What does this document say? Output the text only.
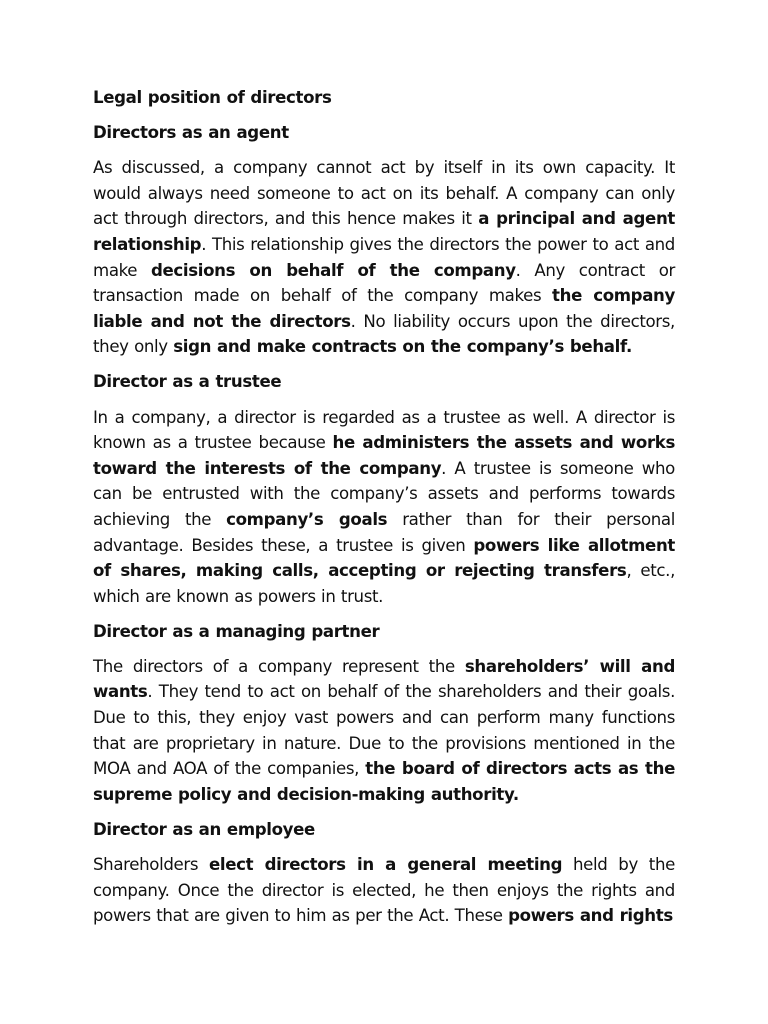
Legal position of directors
Directors as an agent
As discussed, a company cannot act by itself in its own capacity. It would always need someone to act on its behalf. A company can only act through directors, and this hence makes it a principal and agent relationship. This relationship gives the directors the power to act and make decisions on behalf of the company. Any contract or transaction made on behalf of the company makes the company liable and not the directors. No liability occurs upon the directors, they only sign and make contracts on the company’s behalf.
Director as a trustee
In a company, a director is regarded as a trustee as well. A director is known as a trustee because he administers the assets and works toward the interests of the company. A trustee is someone who can be entrusted with the company’s assets and performs towards achieving the company’s goals rather than for their personal advantage. Besides these, a trustee is given powers like allotment of shares, making calls, accepting or rejecting transfers, etc., which are known as powers in trust.
Director as a managing partner
The directors of a company represent the shareholders’ will and wants. They tend to act on behalf of the shareholders and their goals. Due to this, they enjoy vast powers and can perform many functions that are proprietary in nature. Due to the provisions mentioned in the MOA and AOA of the companies, the board of directors acts as the supreme policy and decision-making authority.
Director as an employee
Shareholders elect directors in a general meeting held by the company. Once the director is elected, he then enjoys the rights and powers that are given to him as per the Act. These powers and rights
